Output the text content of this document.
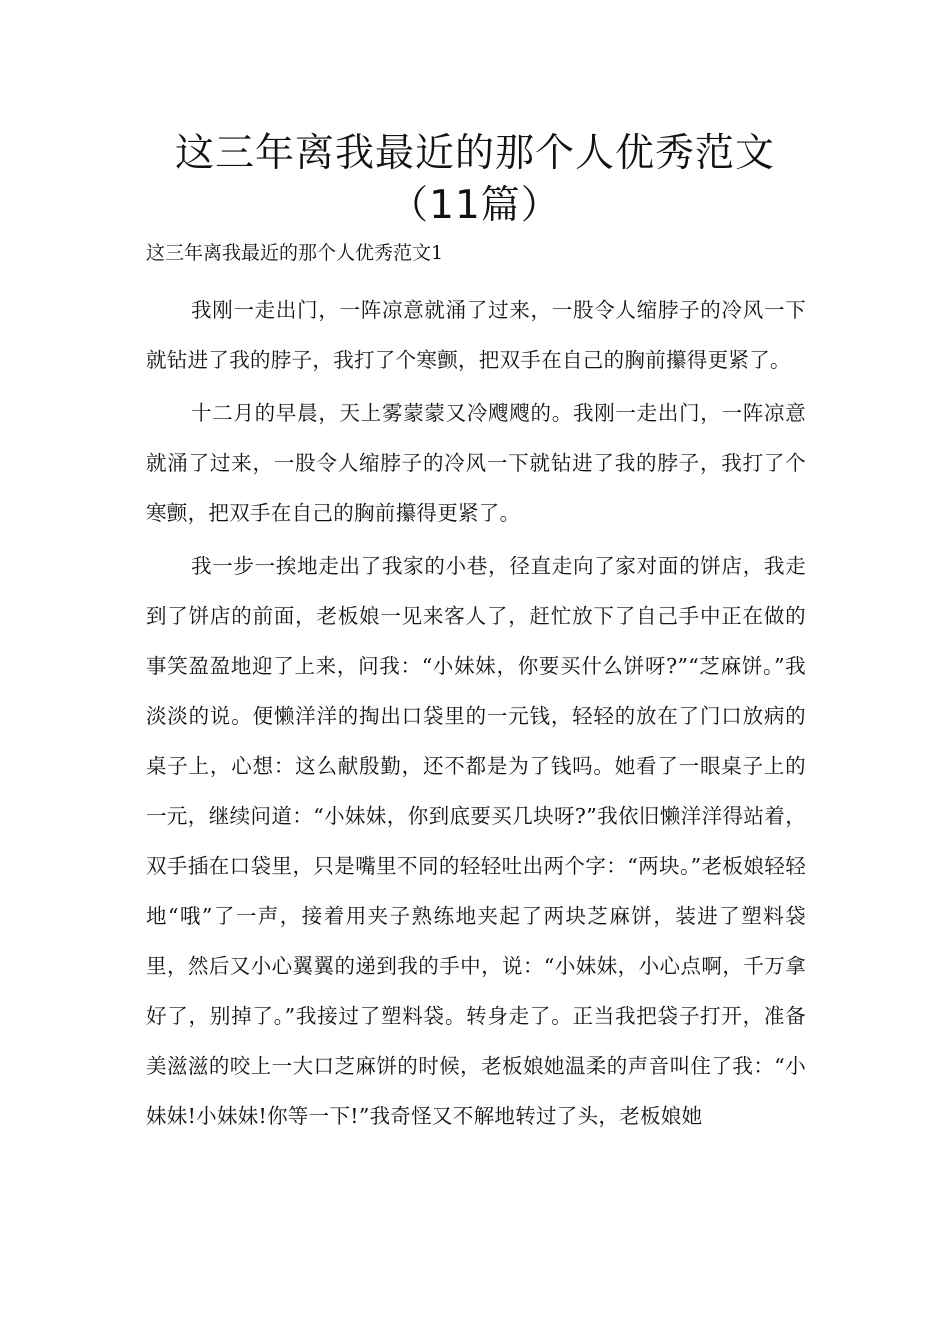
这三年离我最近的那个人优秀范文（11篇）
这三年离我最近的那个人优秀范文1

我刚一走出门，一阵凉意就涌了过来，一股令人缩脖子的冷风一下就钻进了我的脖子，我打了个寒颤，把双手在自己的胸前攥得更紧了。

十二月的早晨，天上雾蒙蒙又冷飕飕的。我刚一走出门，一阵凉意就涌了过来，一股令人缩脖子的冷风一下就钻进了我的脖子，我打了个寒颤，把双手在自己的胸前攥得更紧了。

我一步一挨地走出了我家的小巷，径直走向了家对面的饼店，我走到了饼店的前面，老板娘一见来客人了，赶忙放下了自己手中正在做的事笑盈盈地迎了上来，问我：“小妹妹，你要买什么饼呀?”“芝麻饼。”我淡淡的说。便懒洋洋的掏出口袋里的一元钱，轻轻的放在了门口放病的桌子上，心想：这么献殷勤，还不都是为了钱吗。她看了一眼桌子上的一元，继续问道：“小妹妹，你到底要买几块呀?”我依旧懒洋洋得站着，双手插在口袋里，只是嘴里不同的轻轻吐出两个字：“两块。”老板娘轻轻地“哦”了一声，接着用夹子熟练地夹起了两块芝麻饼，装进了塑料袋里，然后又小心翼翼的递到我的手中，说：“小妹妹，小心点啊，千万拿好了，别掉了。”我接过了塑料袋。转身走了。正当我把袋子打开，准备美滋滋的咬上一大口芝麻饼的时候，老板娘她温柔的声音叫住了我：“小妹妹!小妹妹!你等一下!”我奇怪又不解地转过了头，老板娘她
